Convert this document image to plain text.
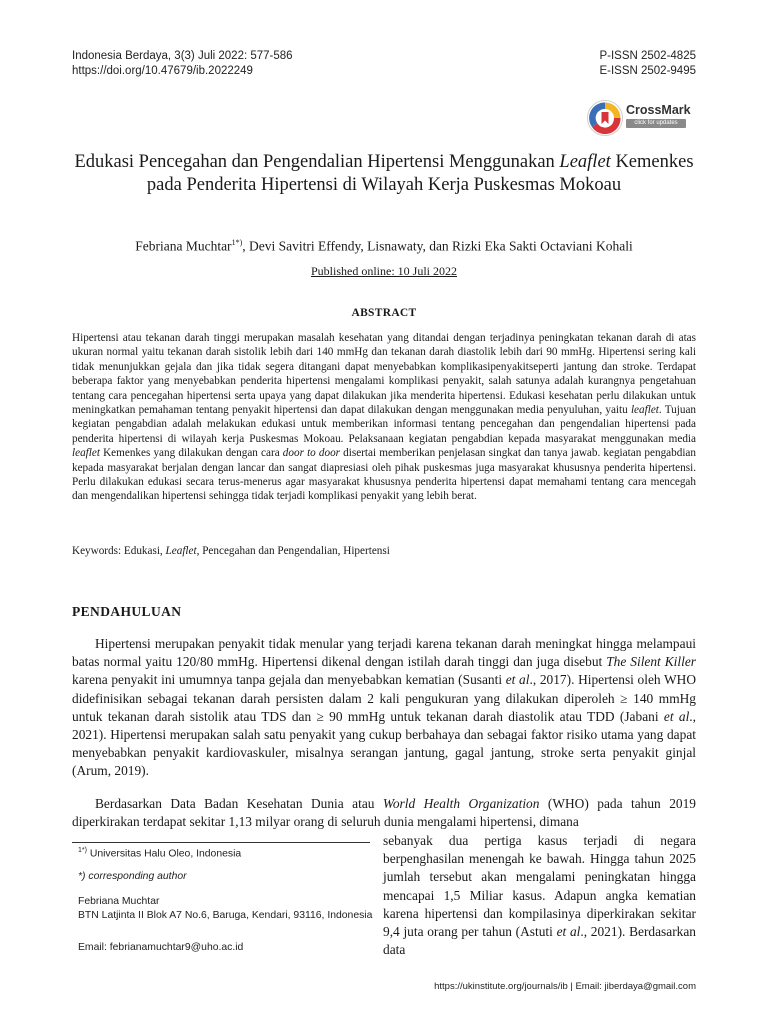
Indonesia Berdaya, 3(3) Juli 2022: 577-586
https://doi.org/10.47679/ib.2022249
P-ISSN 2502-4825
E-ISSN 2502-9495
CrossMark
click for updates
Edukasi Pencegahan dan Pengendalian Hipertensi Menggunakan Leaflet Kemenkes pada Penderita Hipertensi di Wilayah Kerja Puskesmas Mokoau
Febriana Muchtar$^{1*)}$, Devi Savitri Effendy, Lisnawaty, dan Rizki Eka Sakti Octaviani Kohali
Published online: 10 Juli 2022
ABSTRACT
Hipertensi atau tekanan darah tinggi merupakan masalah kesehatan yang ditandai dengan terjadinya peningkatan tekanan darah di atas ukuran normal yaitu tekanan darah sistolik lebih dari 140 mmHg dan tekanan darah diastolik lebih dari 90 mmHg. Hipertensi sering kali tidak menunjukkan gejala dan jika tidak segera ditangani dapat menyebabkan komplikasipenyakitseperti jantung dan stroke. Terdapat beberapa faktor yang menyebabkan penderita hipertensi mengalami komplikasi penyakit, salah satunya adalah kurangnya pengetahuan tentang cara pencegahan hipertensi serta upaya yang dapat dilakukan jika menderita hipertensi. Edukasi kesehatan perlu dilakukan untuk meningkatkan pemahaman tentang penyakit hipertensi dan dapat dilakukan dengan menggunakan media penyuluhan, yaitu leaflet. Tujuan kegiatan pengabdian adalah melakukan edukasi untuk memberikan informasi tentang pencegahan dan pengendalian hipertensi pada penderita hipertensi di wilayah kerja Puskesmas Mokoau. Pelaksanaan kegiatan pengabdian kepada masyarakat menggunakan media leaflet Kemenkes yang dilakukan dengan cara door to door disertai memberikan penjelasan singkat dan tanya jawab. kegiatan pengabdian kepada masyarakat berjalan dengan lancar dan sangat diapresiasi oleh pihak puskesmas juga masyarakat khususnya penderita hipertensi. Perlu dilakukan edukasi secara terus-menerus agar masyarakat khususnya penderita hipertensi dapat memahami tentang cara mencegah dan mengendalikan hipertensi sehingga tidak terjadi komplikasi penyakit yang lebih berat.
Keywords: Edukasi, Leaflet, Pencegahan dan Pengendalian, Hipertensi
PENDAHULUAN
Hipertensi merupakan penyakit tidak menular yang terjadi karena tekanan darah meningkat hingga melampaui batas normal yaitu 120/80 mmHg. Hipertensi dikenal dengan istilah darah tinggi dan juga disebut The Silent Killer karena penyakit ini umumnya tanpa gejala dan menyebabkan kematian (Susanti et al., 2017). Hipertensi oleh WHO didefinisikan sebagai tekanan darah persisten dalam 2 kali pengukuran yang dilakukan diperoleh ≥ 140 mmHg untuk tekanan darah sistolik atau TDS dan ≥ 90 mmHg untuk tekanan darah diastolik atau TDD (Jabani et al., 2021). Hipertensi merupakan salah satu penyakit yang cukup berbahaya dan sebagai faktor risiko utama yang dapat menyebabkan penyakit kardiovaskuler, misalnya serangan jantung, gagal jantung, stroke serta penyakit ginjal (Arum, 2019).
Berdasarkan Data Badan Kesehatan Dunia atau World Health Organization (WHO) pada tahun 2019 diperkirakan terdapat sekitar 1,13 milyar orang di seluruh dunia mengalami hipertensi, dimana
sebanyak dua pertiga kasus terjadi di negara berpenghasilan menengah ke bawah. Hingga tahun 2025 jumlah tersebut akan mengalami peningkatan hingga mencapai 1,5 Miliar kasus. Adapun angka kematian karena hipertensi dan kompilasinya diperkirakan sekitar 9,4 juta orang per tahun (Astuti et al., 2021). Berdasarkan data
$^{1*)}$ Universitas Halu Oleo, Indonesia
*) corresponding author
Febriana Muchtar
BTN Latjinta II Blok A7 No.6, Baruga, Kendari, 93116, Indonesia
Email: febrianamuchtar9@uho.ac.id
https://ukinstitute.org/journals/ib | Email: jiberdaya@gmail.com
